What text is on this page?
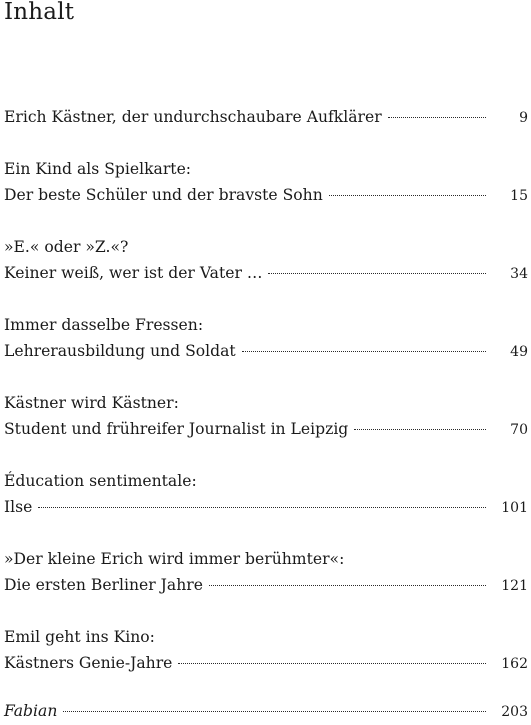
Inhalt
Erich Kästner, der undurchschaubare Aufklärer	9
Ein Kind als Spielkarte:
Der beste Schüler und der bravste Sohn	15
»E.« oder »Z.«?
Keiner weiß, wer ist der Vater …	34
Immer dasselbe Fressen:
Lehrerausbildung und Soldat	49
Kästner wird Kästner:
Student und frühreifer Journalist in Leipzig	70
Éducation sentimentale:
Ilse	101
»Der kleine Erich wird immer berühmter«:
Die ersten Berliner Jahre	121
Emil geht ins Kino:
Kästners Genie-Jahre	162
Fabian	203
